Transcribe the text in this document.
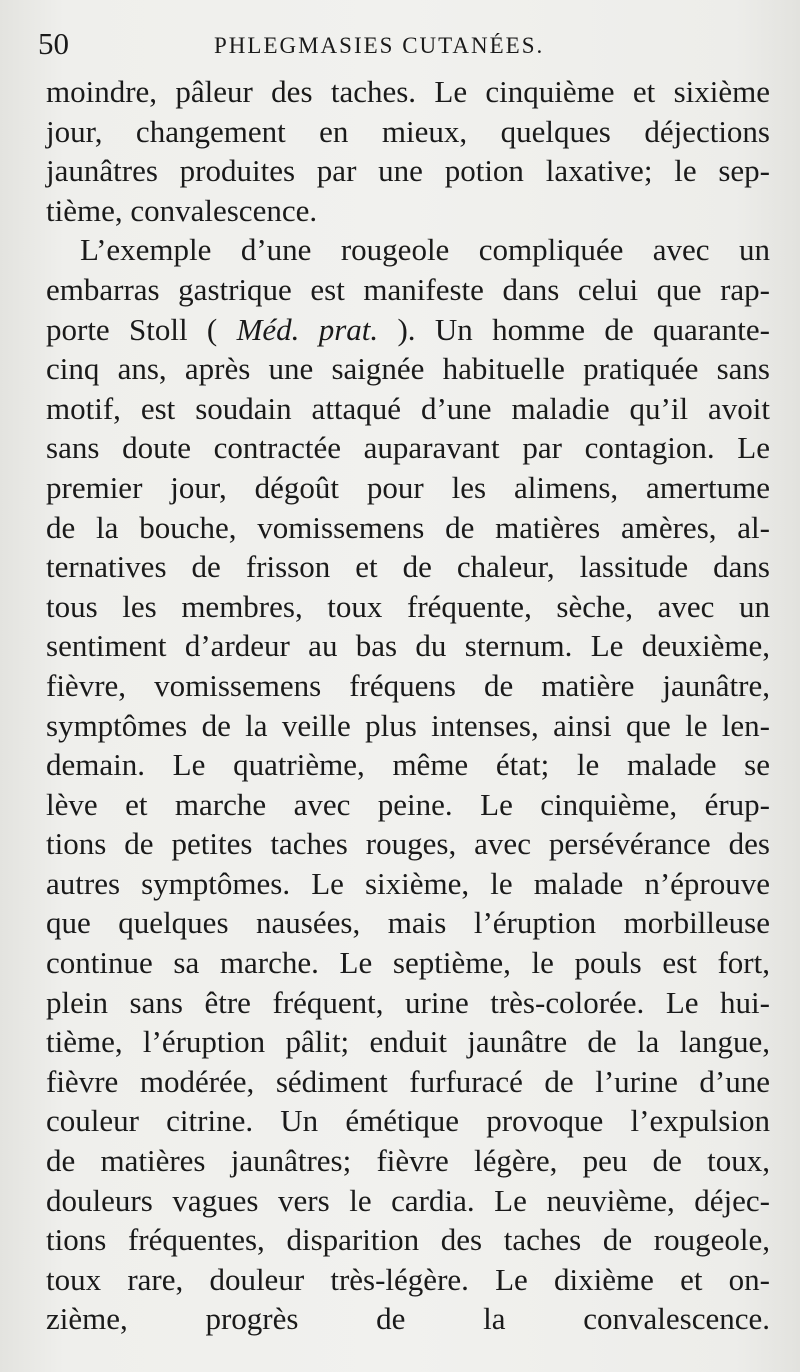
50	PHLEGMASIES CUTANÉES.
moindre, pâleur des taches. Le cinquième et sixième
jour, changement en mieux, quelques déjections
jaunâtres produites par une potion laxative; le sep-
tième, convalescence.
L’exemple d’une rougeole compliquée avec un
embarras gastrique est manifeste dans celui que rap-
porte Stoll ( Méd. prat. ). Un homme de quarante-
cinq ans, après une saignée habituelle pratiquée sans
motif, est soudain attaqué d’une maladie qu’il avoit
sans doute contractée auparavant par contagion. Le
premier jour, dégoût pour les alimens, amertume
de la bouche, vomissemens de matières amères, al-
ternatives de frisson et de chaleur, lassitude dans
tous les membres, toux fréquente, sèche, avec un
sentiment d’ardeur au bas du sternum. Le deuxième,
fièvre, vomissemens fréquens de matière jaunâtre,
symptômes de la veille plus intenses, ainsi que le len-
demain. Le quatrième, même état; le malade se
lève et marche avec peine. Le cinquième, érup-
tions de petites taches rouges, avec persévérance des
autres symptômes. Le sixième, le malade n’éprouve
que quelques nausées, mais l’éruption morbilleuse
continue sa marche. Le septième, le pouls est fort,
plein sans être fréquent, urine très-colorée. Le hui-
tième, l’éruption pâlit; enduit jaunâtre de la langue,
fièvre modérée, sédiment furfuracé de l’urine d’une
couleur citrine. Un émétique provoque l’expulsion
de matières jaunâtres; fièvre légère, peu de toux,
douleurs vagues vers le cardia. Le neuvième, déjec-
tions fréquentes, disparition des taches de rougeole,
toux rare, douleur très-légère. Le dixième et on-
zième, progrès de la convalescence.
